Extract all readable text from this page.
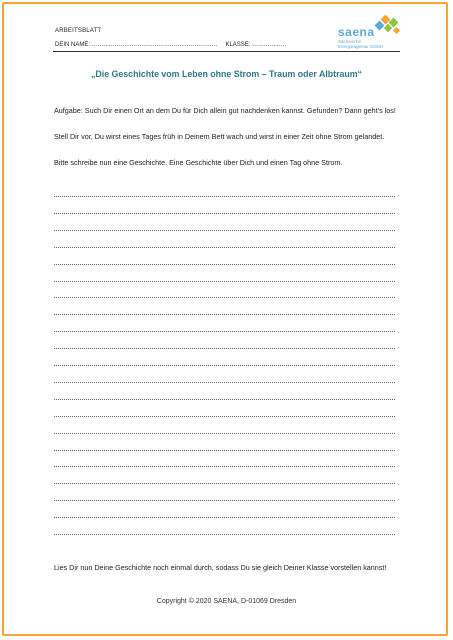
ARBEITSBLATT
DEIN NAME: ………………………………………………………… KLASSE: ………………
saena
Sächsische
Energieagentur GmbH
„Die Geschichte vom Leben ohne Strom – Traum oder Albtraum“
Aufgabe: Such Dir einen Ort an dem Du für Dich allein gut nachdenken kannst. Gefunden? Dann geht’s los!
Stell Dir vor, Du wirst eines Tages früh in Deinem Bett wach und wirst in einer Zeit ohne Strom gelandet.
Bitte schreibe nun eine Geschichte. Eine Geschichte über Dich und einen Tag ohne Strom.
Lies Dir nun Deine Geschichte noch einmal durch, sodass Du sie gleich Deiner Klasse vorstellen kannst!
Copyright © 2020 SAENA, D-01069 Dresden
